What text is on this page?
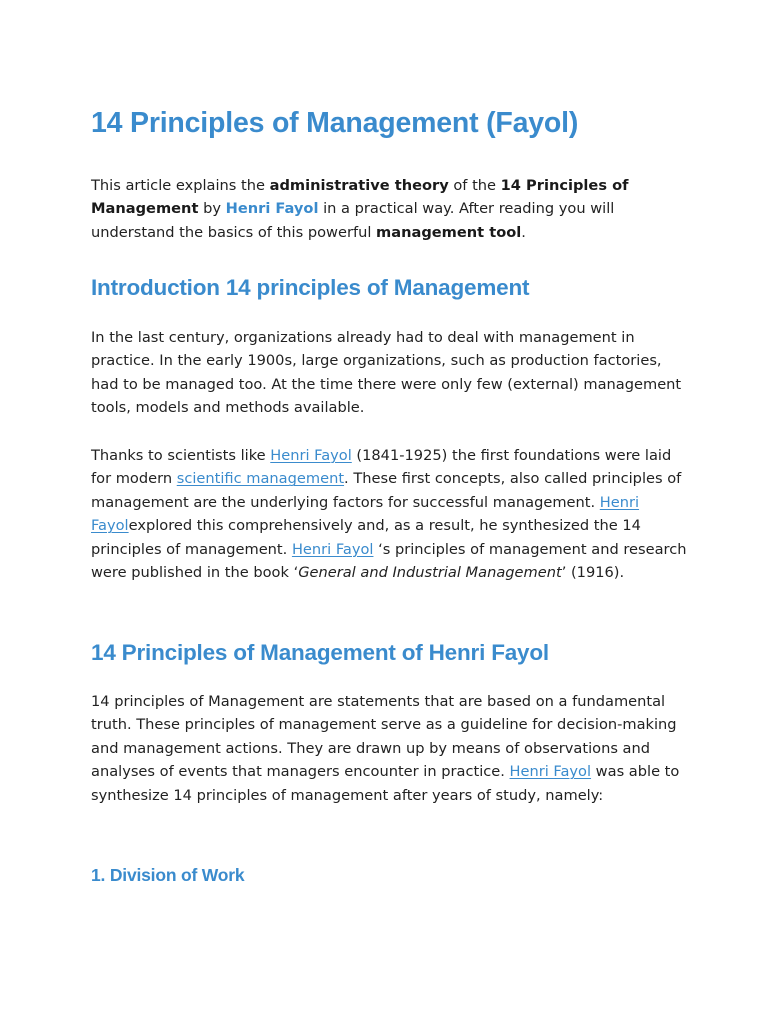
14 Principles of Management (Fayol)

This article explains the administrative theory of the 14 Principles of Management by Henri Fayol in a practical way. After reading you will understand the basics of this powerful management tool.

Introduction 14 principles of Management

In the last century, organizations already had to deal with management in practice. In the early 1900s, large organizations, such as production factories, had to be managed too. At the time there were only few (external) management tools, models and methods available.

Thanks to scientists like Henri Fayol (1841-1925) the first foundations were laid for modern scientific management. These first concepts, also called principles of management are the underlying factors for successful management. Henri Fayolexplored this comprehensively and, as a result, he synthesized the 14 principles of management. Henri Fayol ‘s principles of management and research were published in the book ‘General and Industrial Management’ (1916).

14 Principles of Management of Henri Fayol

14 principles of Management are statements that are based on a fundamental truth. These principles of management serve as a guideline for decision-making and management actions. They are drawn up by means of observations and analyses of events that managers encounter in practice. Henri Fayol was able to synthesize 14 principles of management after years of study, namely:

1. Division of Work
